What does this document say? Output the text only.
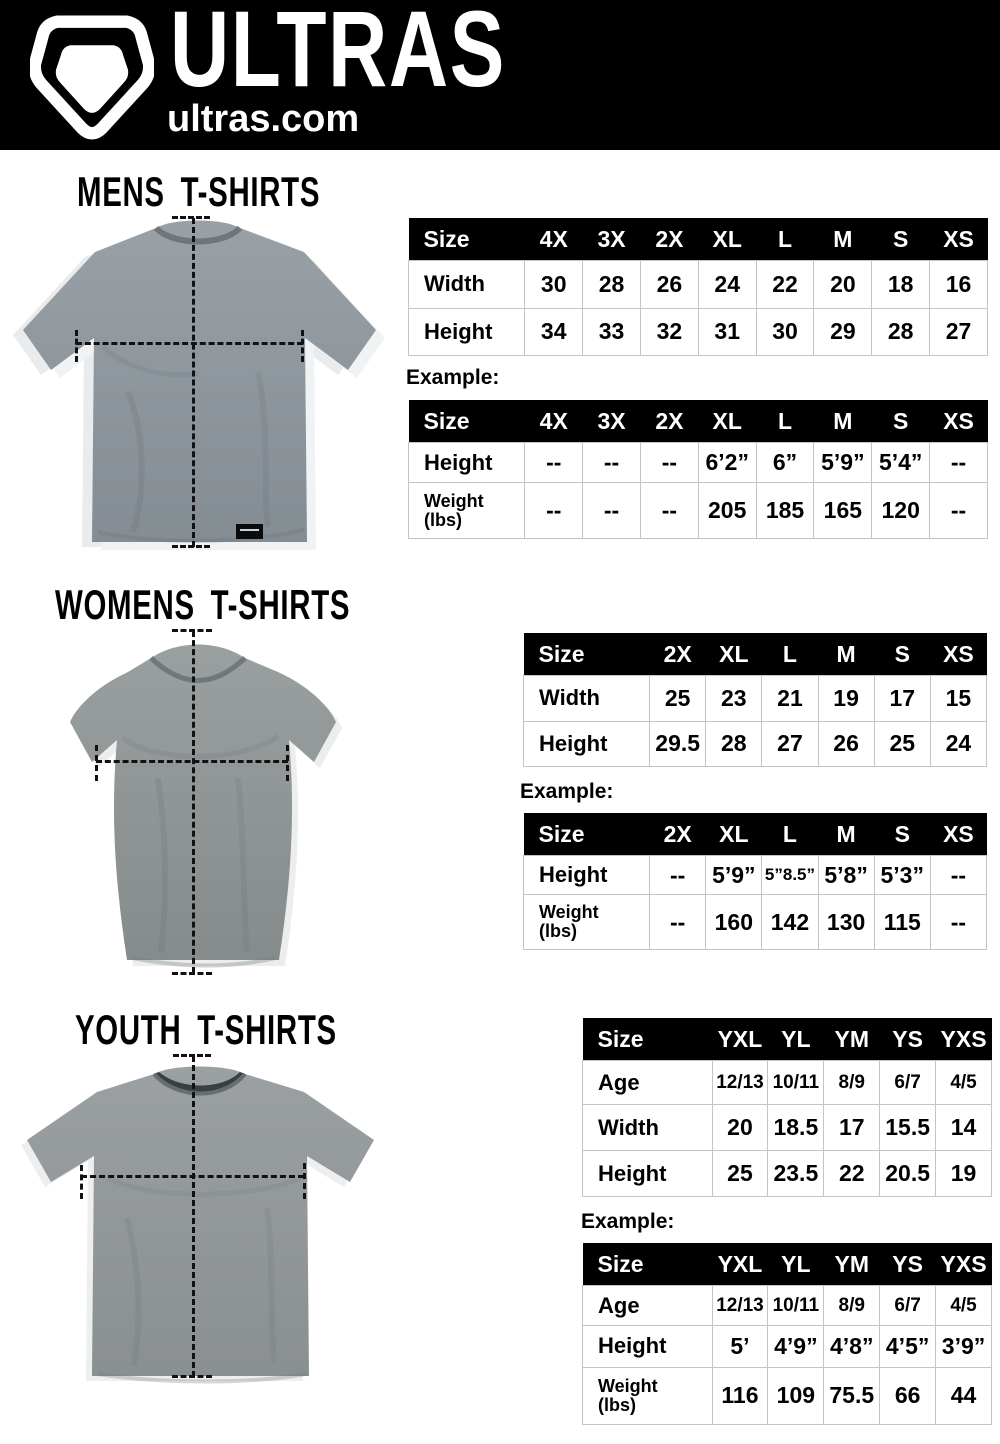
ULTRAS
ultras.com
MENS T-SHIRTS
WOMENS T-SHIRTS
YOUTH T-SHIRTS
Example:
Example:
Example:
Size	4X	3X	2X	XL	L	M	S	XS
Width	30	28	26	24	22	20	18	16
Height	34	33	32	31	30	29	28	27
Size	4X	3X	2X	XL	L	M	S	XS
Height	--	--	--	6’2”	6”	5’9”	5’4”	--
Weight
(lbs)	--	--	--	205	185	165	120	--
Size	2X	XL	L	M	S	XS
Width	25	23	21	19	17	15
Height	29.5	28	27	26	25	24
Size	2X	XL	L	M	S	XS
Height	--	5’9”	5”8.5”	5’8”	5’3”	--
Weight
(lbs)	--	160	142	130	115	--
Size	YXL	YL	YM	YS	YXS
Age	12/13	10/11	8/9	6/7	4/5
Width	20	18.5	17	15.5	14
Height	25	23.5	22	20.5	19
Size	YXL	YL	YM	YS	YXS
Age	12/13	10/11	8/9	6/7	4/5
Height	5’	4’9”	4’8”	4’5”	3’9”
Weight
(lbs)	116	109	75.5	66	44
